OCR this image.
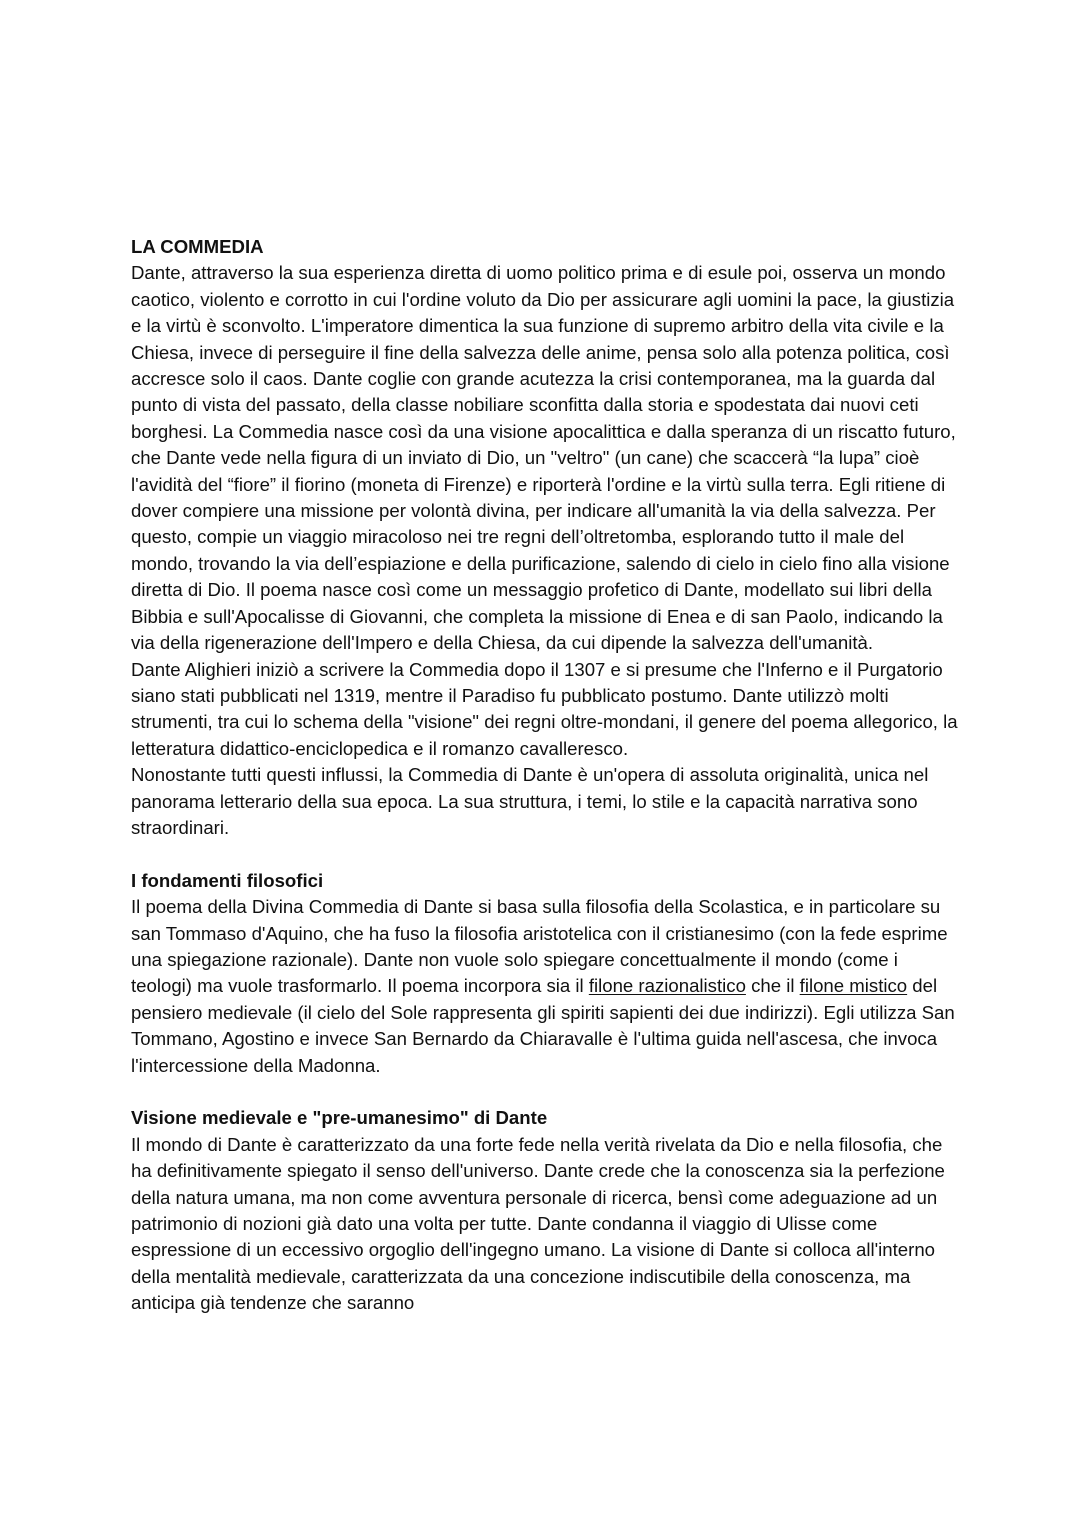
LA COMMEDIA

Dante, attraverso la sua esperienza diretta di uomo politico prima e di esule poi, osserva un mondo caotico, violento e corrotto in cui l'ordine voluto da Dio per assicurare agli uomini la pace, la giustizia e la virtù è sconvolto. L'imperatore dimentica la sua funzione di supremo arbitro della vita civile e la Chiesa, invece di perseguire il fine della salvezza delle anime, pensa solo alla potenza politica, così accresce solo il caos. Dante coglie con grande acutezza la crisi contemporanea, ma la guarda dal punto di vista del passato, della classe nobiliare sconfitta dalla storia e spodestata dai nuovi ceti borghesi. La Commedia nasce così da una visione apocalittica e dalla speranza di un riscatto futuro, che Dante vede nella figura di un inviato di Dio, un "veltro" (un cane) che scaccerà “la lupa” cioè l'avidità del “fiore” il fiorino (moneta di Firenze) e riporterà l'ordine e la virtù sulla terra. Egli ritiene di dover compiere una missione per volontà divina, per indicare all'umanità la via della salvezza. Per questo, compie un viaggio miracoloso nei tre regni dell’oltretomba, esplorando tutto il male del mondo, trovando la via dell’espiazione e della purificazione, salendo di cielo in cielo fino alla visione diretta di Dio. Il poema nasce così come un messaggio profetico di Dante, modellato sui libri della Bibbia e sull'Apocalisse di Giovanni, che completa la missione di Enea e di san Paolo, indicando la via della rigenerazione dell'Impero e della Chiesa, da cui dipende la salvezza dell'umanità.

Dante Alighieri iniziò a scrivere la Commedia dopo il 1307 e si presume che l'Inferno e il Purgatorio siano stati pubblicati nel 1319, mentre il Paradiso fu pubblicato postumo. Dante utilizzò molti strumenti, tra cui lo schema della "visione" dei regni oltre-mondani, il genere del poema allegorico, la letteratura didattico-enciclopedica e il romanzo cavalleresco.

Nonostante tutti questi influssi, la Commedia di Dante è un'opera di assoluta originalità, unica nel panorama letterario della sua epoca. La sua struttura, i temi, lo stile e la capacità narrativa sono straordinari.

I fondamenti filosofici

Il poema della Divina Commedia di Dante si basa sulla filosofia della Scolastica, e in particolare su san Tommaso d'Aquino, che ha fuso la filosofia aristotelica con il cristianesimo (con la fede esprime una spiegazione razionale). Dante non vuole solo spiegare concettualmente il mondo (come i teologi) ma vuole trasformarlo. Il poema incorpora sia il filone razionalistico che il filone mistico del pensiero medievale (il cielo del Sole rappresenta gli spiriti sapienti dei due indirizzi). Egli utilizza San Tommano, Agostino e invece San Bernardo da Chiaravalle è l'ultima guida nell'ascesa, che invoca l'intercessione della Madonna.

Visione medievale e "pre-umanesimo" di Dante

Il mondo di Dante è caratterizzato da una forte fede nella verità rivelata da Dio e nella filosofia, che ha definitivamente spiegato il senso dell'universo. Dante crede che la conoscenza sia la perfezione della natura umana, ma non come avventura personale di ricerca, bensì come adeguazione ad un patrimonio di nozioni già dato una volta per tutte. Dante condanna il viaggio di Ulisse come espressione di un eccessivo orgoglio dell'ingegno umano. La visione di Dante si colloca all'interno della mentalità medievale, caratterizzata da una concezione indiscutibile della conoscenza, ma anticipa già tendenze che saranno
